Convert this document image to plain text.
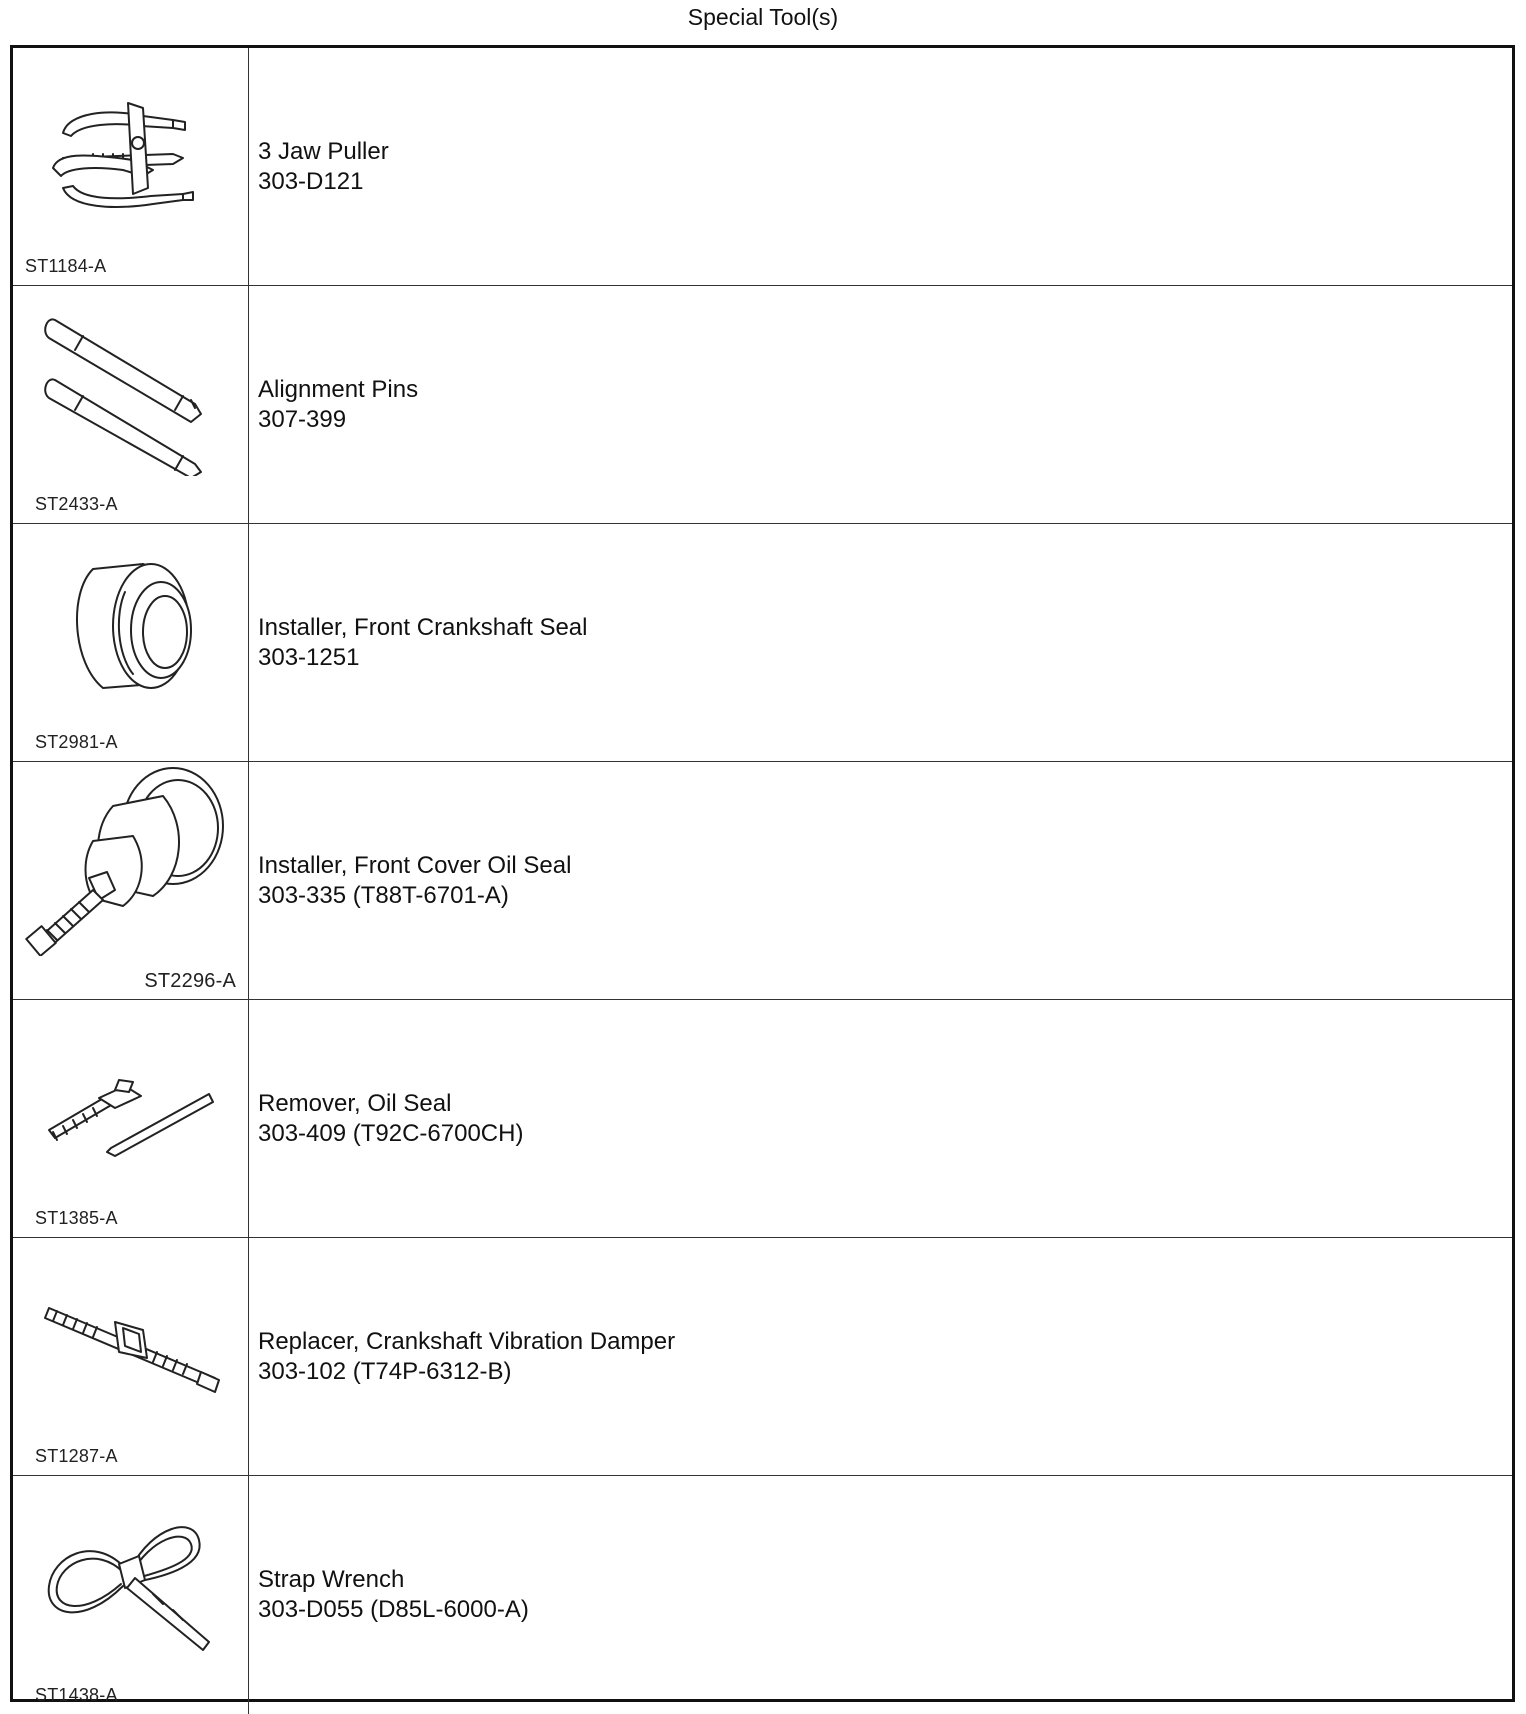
Special Tool(s)
ST1184-A
3 Jaw Puller
303-D121
ST2433-A
Alignment Pins
307-399
ST2981-A
Installer, Front Crankshaft Seal
303-1251
ST2296-A
Installer, Front Cover Oil Seal
303-335 (T88T-6701-A)
ST1385-A
Remover, Oil Seal
303-409 (T92C-6700CH)
ST1287-A
Replacer, Crankshaft Vibration Damper
303-102 (T74P-6312-B)
ST1438-A
Strap Wrench
303-D055 (D85L-6000-A)
